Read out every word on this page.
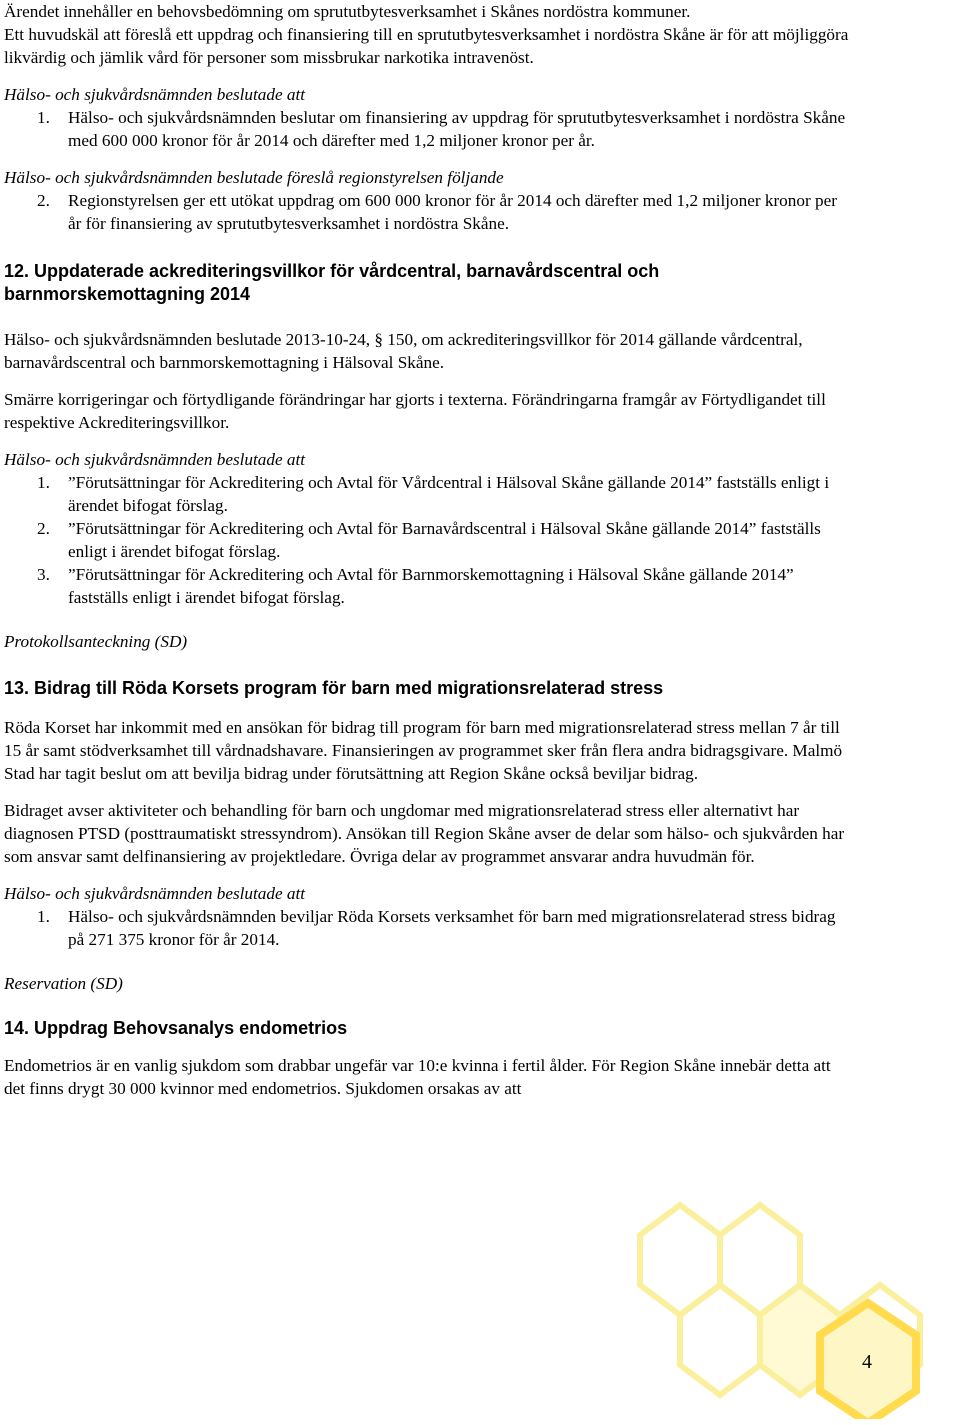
Ärendet innehåller en behovsbedömning om sprututbytesverksamhet i Skånes nordöstra kommuner.

Ett huvudskäl att föreslå ett uppdrag och finansiering till en sprututbytesverksamhet i nordöstra Skåne är för att möjliggöra likvärdig och jämlik vård för personer som missbrukar narkotika intravenöst.

Hälso- och sjukvårdsnämnden beslutade att

1. Hälso- och sjukvårdsnämnden beslutar om finansiering av uppdrag för sprututbytesverksamhet i nordöstra Skåne med 600 000 kronor för år 2014 och därefter med 1,2 miljoner kronor per år.

Hälso- och sjukvårdsnämnden beslutade föreslå regionstyrelsen följande

2. Regionstyrelsen ger ett utökat uppdrag om 600 000 kronor för år 2014 och därefter med 1,2 miljoner kronor per år för finansiering av sprututbytesverksamhet i nordöstra Skåne.

12. Uppdaterade ackrediteringsvillkor för vårdcentral, barnavårdscentral och barnmorskemottagning 2014

Hälso- och sjukvårdsnämnden beslutade 2013-10-24, § 150, om ackrediteringsvillkor för 2014 gällande vårdcentral, barnavårdscentral och barnmorskemottagning i Hälsoval Skåne.

Smärre korrigeringar och förtydligande förändringar har gjorts i texterna. Förändringarna framgår av Förtydligandet till respektive Ackrediteringsvillkor.

Hälso- och sjukvårdsnämnden beslutade att

1. ”Förutsättningar för Ackreditering och Avtal för Vårdcentral i Hälsoval Skåne gällande 2014” fastställs enligt i ärendet bifogat förslag.

2. ”Förutsättningar för Ackreditering och Avtal för Barnavårdscentral i Hälsoval Skåne gällande 2014” fastställs enligt i ärendet bifogat förslag.

3. ”Förutsättningar för Ackreditering och Avtal för Barnmorskemottagning i Hälsoval Skåne gällande 2014” fastställs enligt i ärendet bifogat förslag.

Protokollsanteckning (SD)

13. Bidrag till Röda Korsets program för barn med migrationsrelaterad stress

Röda Korset har inkommit med en ansökan för bidrag till program för barn med migrationsrelaterad stress mellan 7 år till 15 år samt stödverksamhet till vårdnadshavare. Finansieringen av programmet sker från flera andra bidragsgivare. Malmö Stad har tagit beslut om att bevilja bidrag under förutsättning att Region Skåne också beviljar bidrag.

Bidraget avser aktiviteter och behandling för barn och ungdomar med migrationsrelaterad stress eller alternativt har diagnosen PTSD (posttraumatiskt stressyndrom). Ansökan till Region Skåne avser de delar som hälso- och sjukvården har som ansvar samt delfinansiering av projektledare. Övriga delar av programmet ansvarar andra huvudmän för.

Hälso- och sjukvårdsnämnden beslutade att

1. Hälso- och sjukvårdsnämnden beviljar Röda Korsets verksamhet för barn med migrationsrelaterad stress bidrag på 271 375 kronor för år 2014.

Reservation (SD)

14. Uppdrag Behovsanalys endometrios

Endometrios är en vanlig sjukdom som drabbar ungefär var 10:e kvinna i fertil ålder. För Region Skåne innebär detta att det finns drygt 30 000 kvinnor med endometrios. Sjukdomen orsakas av att

4
